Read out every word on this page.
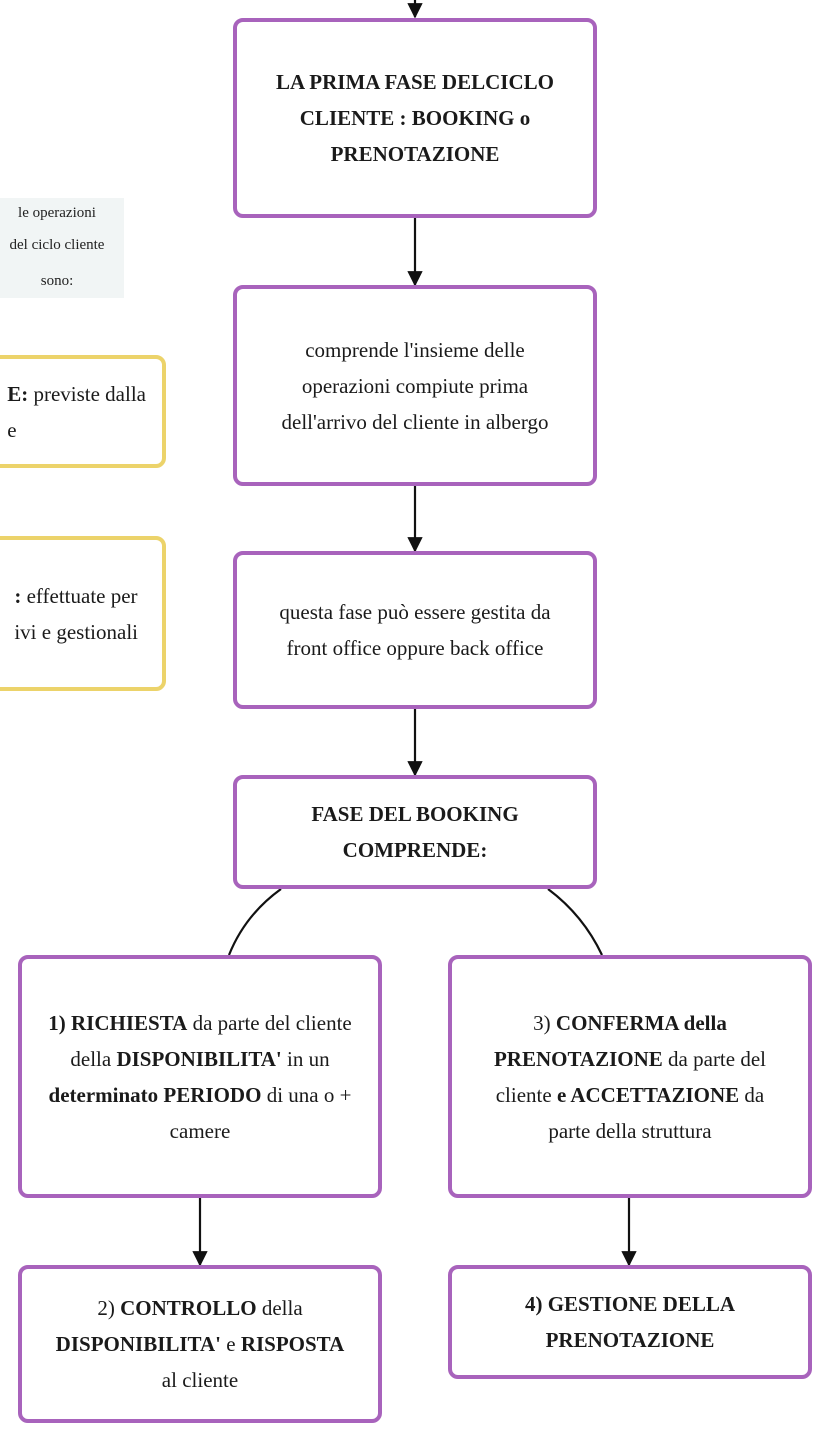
le operazioni
del ciclo cliente
sono:
E: previste dalla
e
: effettuate per
ivi e gestionali
LA PRIMA FASE DELCICLO
CLIENTE : BOOKING o
PRENOTAZIONE
comprende l'insieme delle
operazioni compiute prima
dell'arrivo del cliente in albergo
questa fase può essere gestita da
front office oppure back office
FASE DEL BOOKING
COMPRENDE:
1) RICHIESTA da parte del cliente
della DISPONIBILITA' in un
determinato PERIODO di una o +
camere
3) CONFERMA della
PRENOTAZIONE da parte del
cliente e ACCETTAZIONE da
parte della struttura
2) CONTROLLO della
DISPONIBILITA' e RISPOSTA
al cliente
4) GESTIONE DELLA
PRENOTAZIONE
